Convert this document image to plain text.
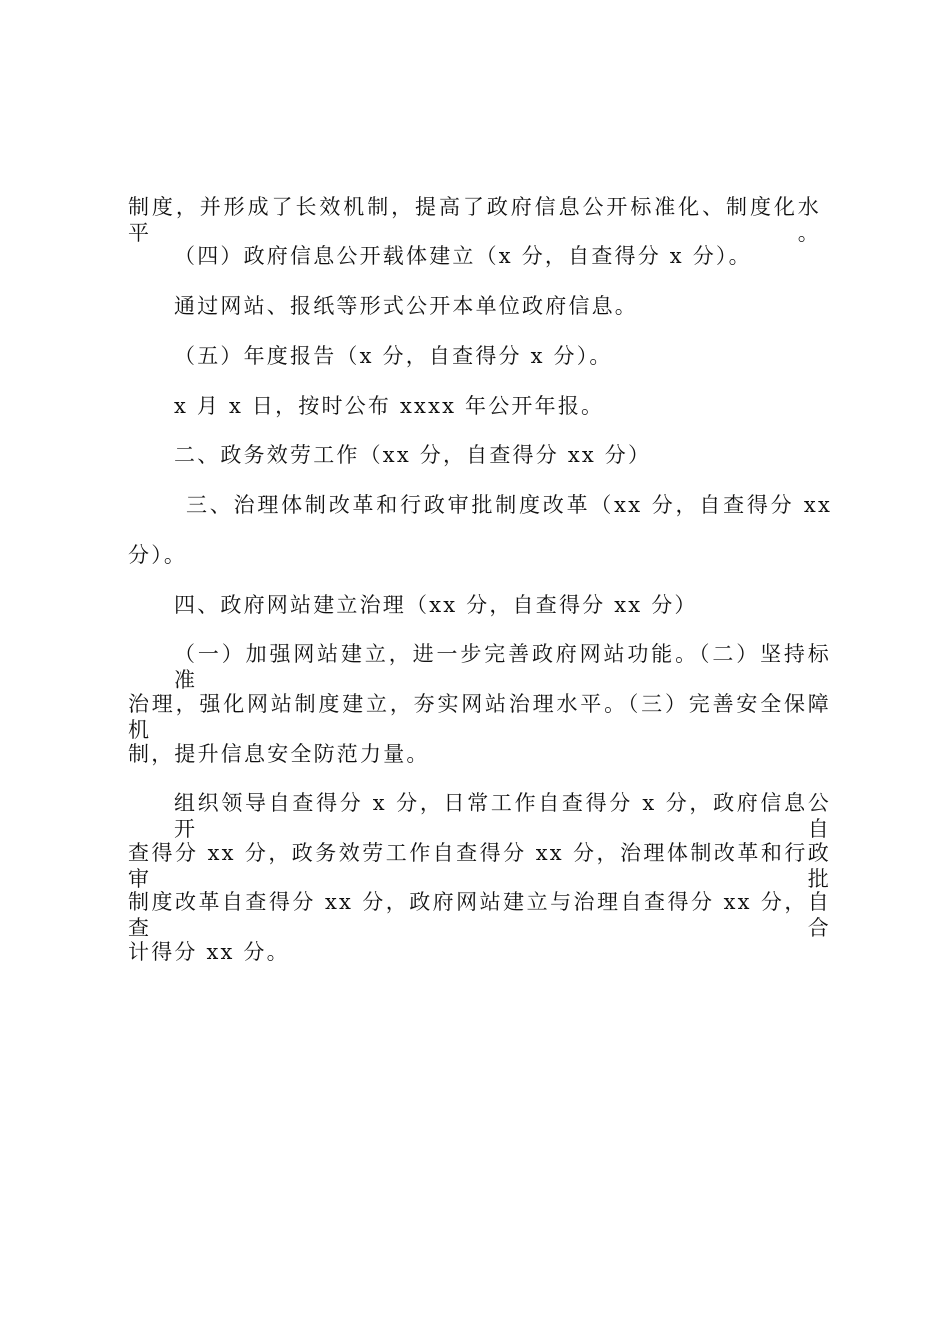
制度，并形成了长效机制，提高了政府信息公开标准化、制度化水平。
（四）政府信息公开载体建立（x 分，自查得分 x 分）。
通过网站、报纸等形式公开本单位政府信息。
（五）年度报告（x 分，自查得分 x 分）。
x 月 x 日，按时公布 xxxx 年公开年报。
二、政务效劳工作（xx 分，自查得分 xx 分）
三、治理体制改革和行政审批制度改革（xx 分，自查得分 xx
分）。
四、政府网站建立治理（xx 分，自查得分 xx 分）
（一）加强网站建立，进一步完善政府网站功能。（二）坚持标准
治理，强化网站制度建立，夯实网站治理水平。（三）完善安全保障机
制，提升信息安全防范力量。
组织领导自查得分 x 分，日常工作自查得分 x 分，政府信息公开自
查得分 xx 分，政务效劳工作自查得分 xx 分，治理体制改革和行政审批
制度改革自查得分 xx 分，政府网站建立与治理自查得分 xx 分，自查合
计得分 xx 分。
